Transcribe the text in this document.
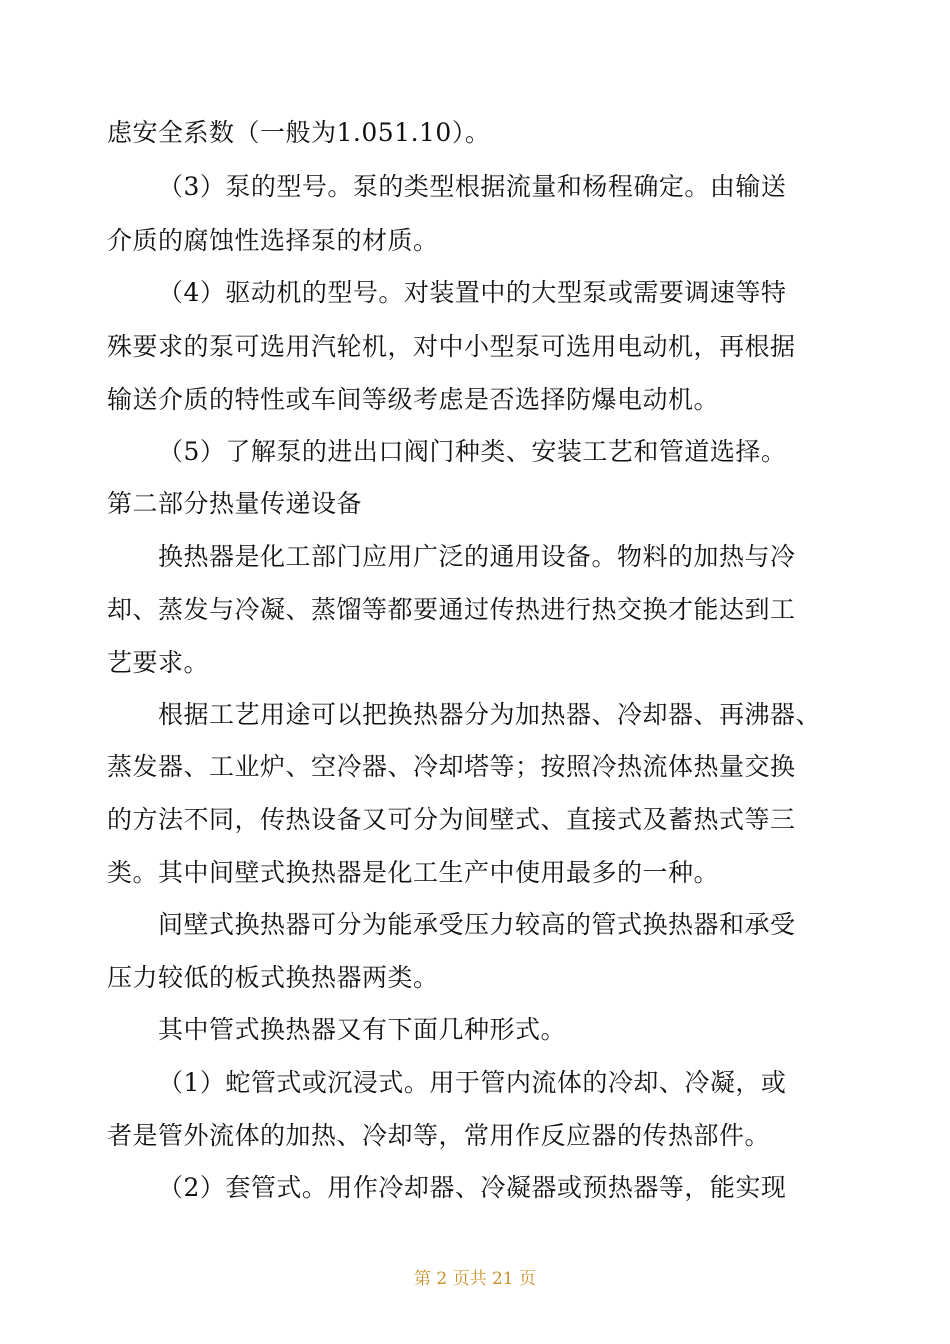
虑安全系数（一般为1.051.10）。
（3）泵的型号。泵的类型根据流量和杨程确定。由输送
介质的腐蚀性选择泵的材质。
（4）驱动机的型号。对装置中的大型泵或需要调速等特
殊要求的泵可选用汽轮机，对中小型泵可选用电动机，再根据
输送介质的特性或车间等级考虑是否选择防爆电动机。
（5）了解泵的进出口阀门种类、安装工艺和管道选择。
第二部分热量传递设备
换热器是化工部门应用广泛的通用设备。物料的加热与冷
却、蒸发与冷凝、蒸馏等都要通过传热进行热交换才能达到工
艺要求。
根据工艺用途可以把换热器分为加热器、冷却器、再沸器、
蒸发器、工业炉、空冷器、冷却塔等；按照冷热流体热量交换
的方法不同，传热设备又可分为间壁式、直接式及蓄热式等三
类。其中间壁式换热器是化工生产中使用最多的一种。
间壁式换热器可分为能承受压力较高的管式换热器和承受
压力较低的板式换热器两类。
其中管式换热器又有下面几种形式。
（1）蛇管式或沉浸式。用于管内流体的冷却、冷凝，或
者是管外流体的加热、冷却等，常用作反应器的传热部件。
（2）套管式。用作冷却器、冷凝器或预热器等，能实现
第 2 页共 21 页
